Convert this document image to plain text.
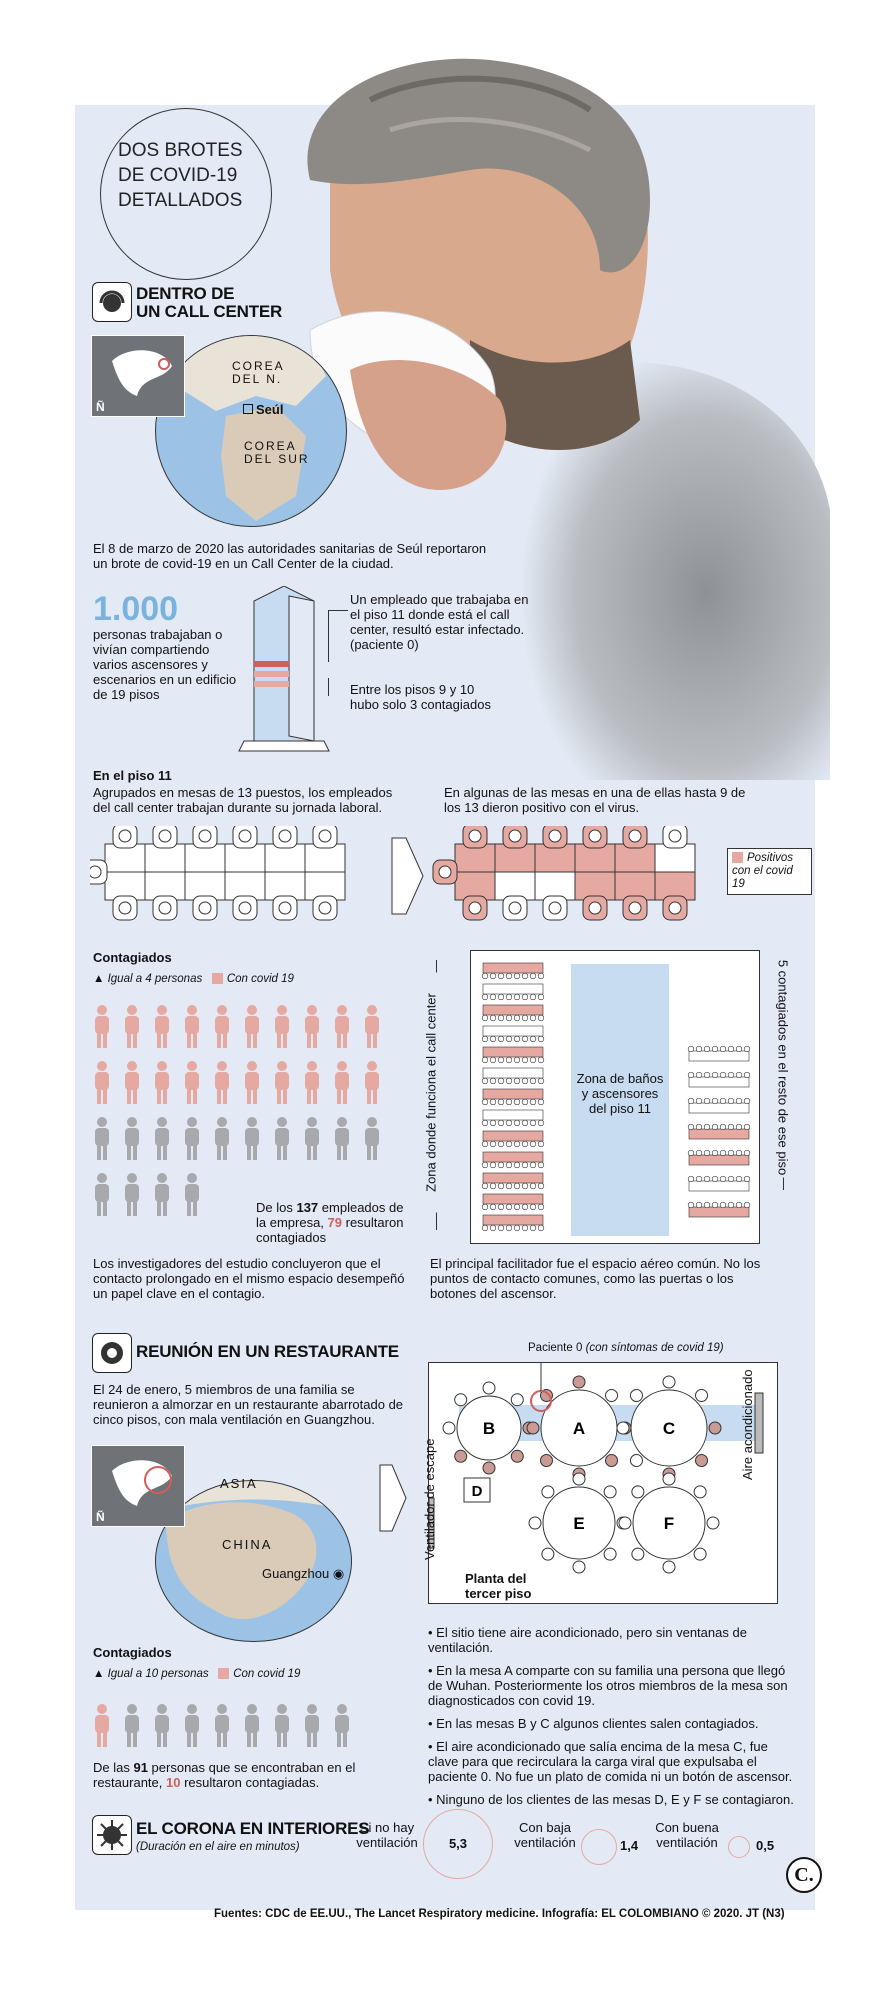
DOS BROTES
DE COVID-19
DETALLADOS
DENTRO DE
UN CALL CENTER
COREA
DEL N.
Seúl
COREA
DEL SUR
Ñ
El 8 de marzo de 2020 las autoridades sanitarias de Seúl reportaron un brote de covid-19 en un Call Center de la ciudad.
1.000
personas trabajaban o vivían compartiendo varios ascensores y escenarios en un edificio de 19 pisos
Un empleado que trabajaba en el piso 11 donde está el call center, resultó estar infectado. (paciente 0)
Entre los pisos 9 y 10 hubo solo 3 contagiados
En el piso 11
Agrupados en mesas de 13 puestos, los empleados del call center trabajan durante su jornada laboral.
En algunas de las mesas en una de ellas hasta 9 de los 13 dieron positivo con el virus.
Positivos con el covid 19
Contagiados
▲ Igual a 4 personas Con covid 19
De los 137 empleados de la empresa, 79 resultaron contagiados
Los investigadores del estudio concluyeron que el contacto prolongado en el mismo espacio desempeñó un papel clave en el contagio.
Zona de baños y ascensores del piso 11
Zona donde funciona el call center	5 contagiados en el resto de ese piso
El principal facilitador fue el espacio aéreo común. No los puntos de contacto comunes, como las puertas o los botones del ascensor.
REUNIÓN EN UN RESTAURANTE
El 24 de enero, 5 miembros de una familia se reunieron a almorzar en un restaurante abarrotado de cinco pisos, con mala ventilación en Guangzhou.
ASIA
CHINA
Guangzhou ◉
Ñ
Paciente 0 (con síntomas de covid 19)
B	A	C
E	F
D
Planta del tercer piso
Aire acondicionado
Ventilador de escape
Contagiados
▲ Igual a 10 personas Con covid 19
De las 91 personas que se encontraban en el restaurante, 10 resultaron contagiadas.
• El sitio tiene aire acondicionado, pero sin ventanas de ventilación.
• En la mesa A comparte con su familia una persona que llegó de Wuhan. Posteriormente los otros miembros de la mesa son diagnosticados con covid 19.
• En las mesas B y C algunos clientes salen contagiados.
• El aire acondicionado que salía encima de la mesa C, fue clave para que recirculara la carga viral que expulsaba el paciente 0. No fue un plato de comida ni un botón de ascensor.
• Ninguno de los clientes de las mesas D, E y F se contagiaron.
EL CORONA EN INTERIORES
(Duración en el aire en minutos)
Si no hay ventilación	5,3
Con baja ventilación	1,4
Con buena ventilación	0,5
C.
Fuentes: CDC de EE.UU., The Lancet Respiratory medicine. Infografía: EL COLOMBIANO © 2020. JT (N3)
